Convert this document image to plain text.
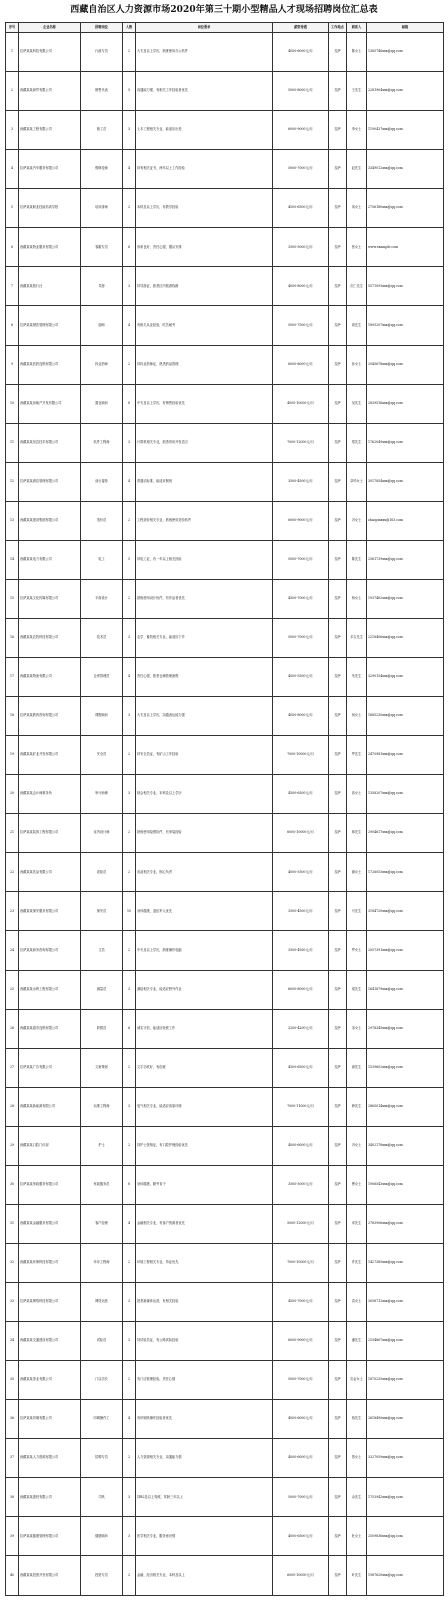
西藏自治区人力资源市场2020年第三十期小型精品人才现场招聘岗位汇总表
序号	企业名称	招聘岗位	人数	岗位要求	薪资待遇	工作地点	联系人	邮箱
1	拉萨某某科技有限公司	行政专员	2	大专及以上学历，熟练使用办公软件	4000-6000元/月	拉萨	陈女士	1385746xxx@qq.com
2	西藏某某商贸有限公司	销售代表	5	沟通能力强，有相关工作经验者优先	5000-8000元/月	拉萨	王先生	2281904xxx@qq.com
3	西藏某某工程有限公司	施工员	3	土木工程相关专业，能适应出差	6000-9000元/月	拉萨	李女士	1190437xxx@qq.com
4	拉萨某某汽车服务有限公司	维修技师	4	持有相关证书，两年以上工作经验	5000-7000元/月	拉萨	赵先生	3349012xxx@qq.com
5	拉萨某某职业技能培训学校	培训讲师	2	本科及以上学历，有教学经验	4500-6500元/月	拉萨	刘女士	2756180xxx@qq.com
6	西藏某某物业服务有限公司	客服专员	6	形象良好，责任心强，服从安排	3500-5000元/月	拉萨	张女士	www.example.com
7	西藏某某旅行社	导游	3	持导游证，熟悉区内旅游线路	4000-8000元/月	拉萨	次仁先生	5571093xxx@qq.com
8	拉萨某某餐饮管理有限公司	厨师	4	有相关从业经验，吃苦耐劳	5000-7500元/月	拉萨	周先生	1893207xxx@qq.com
9	西藏某某医药连锁有限公司	执业药师	2	持执业药师证，熟悉药品管理	6000-8000元/月	拉萨	孙女士	2045678xxx@qq.com
10	西藏某某房地产开发有限公司	置业顾问	8	中专及以上学历，有销售经验优先	4000-10000元/月	拉萨	吴先生	2839516xxx@qq.com
11	西藏某某信息技术有限公司	软件工程师	3	计算机相关专业，熟悉常用开发语言	7000-12000元/月	拉萨	郑先生	1762049xxx@qq.com
12	拉萨某某酒店管理有限公司	前台接待	4	普通话标准，能适应倒班	3500-4500元/月	拉萨	卓玛女士	3017854xxx@qq.com
13	西藏某某建设集团有限公司	造价员	2	工程造价相关专业，熟练使用造价软件	6000-9000元/月	拉萨	冯女士	zhaopinxxx@163.com
14	西藏某某电力有限公司	电工	5	持电工证，有一年以上相关经验	5000-7000元/月	拉萨	陈先生	2561739xxx@qq.com
15	拉萨某某文化传媒有限公司	平面设计	2	熟练使用设计软件，有作品者优先	4500-7000元/月	拉萨	杨女士	1937462xxx@qq.com
16	西藏某某农牧科技有限公司	技术员	3	农学、畜牧相关专业，能适应下乡	5000-7000元/月	拉萨	多吉先生	2218406xxx@qq.com
17	西藏某某物流有限公司	仓库管理员	4	责任心强，熟悉仓储管理流程	4000-5500元/月	拉萨	朱先生	3290154xxx@qq.com
18	拉萨某某教育咨询有限公司	课程顾问	3	大专及以上学历，沟通表达能力强	4000-8000元/月	拉萨	何女士	1685230xxx@qq.com
19	西藏某某矿业开发有限公司	安全员	2	持安全员证，有矿山工作经验	7000-10000元/月	拉萨	罗先生	2470981xxx@qq.com
20	西藏某某会计师事务所	审计助理	3	财会相关专业，本科及以上学历	4500-6500元/月	拉萨	高女士	1358207xxx@qq.com
21	拉萨某某装饰工程有限公司	室内设计师	2	熟练使用绘图软件，有家装经验	6000-10000元/月	拉萨	林先生	2904617xxx@qq.com
22	西藏某某饮品有限公司	质检员	2	食品相关专业，细心负责	4000-5500元/月	拉萨	谢女士	1726053xxx@qq.com
23	西藏某某保安服务有限公司	保安员	10	身体健康，退伍军人优先	3500-4500元/月	拉萨	马先生	3184720xxx@qq.com
24	拉萨某某商务咨询有限公司	文员	2	中专及以上学历，熟练操作电脑	3500-4500元/月	拉萨	罗女士	2057391xxx@qq.com
25	西藏某某水利工程有限公司	测量员	3	测绘相关专业，能适应野外作业	6000-8000元/月	拉萨	梁先生	1641879xxx@qq.com
26	西藏某某超市连锁有限公司	收银员	6	诚实守信，能适应轮班工作	3200-4200元/月	拉萨	宋女士	2978345xxx@qq.com
27	拉萨某某广告有限公司	文案策划	2	文字功底好，有创意	4500-6500元/月	拉萨	唐先生	1539602xxx@qq.com
28	西藏某某新能源有限公司	运维工程师	3	电气相关专业，能适应高原环境	7000-11000元/月	拉萨	韩先生	2865014xxx@qq.com
29	西藏某某口腔门诊部	护士	2	持护士资格证，有口腔护理经验优先	4000-6000元/月	拉萨	冯女士	3402178xxx@qq.com
30	拉萨某某家政服务有限公司	家政服务员	8	身体健康，勤劳肯干	3500-5000元/月	拉萨	曹女士	1906543xxx@qq.com
31	西藏某某金融服务有限公司	客户经理	4	金融相关专业，有客户资源者优先	5000-12000元/月	拉萨	邓先生	2783906xxx@qq.com
32	西藏某某环保科技有限公司	环评工程师	2	环境工程相关专业，持证优先	7000-10000元/月	拉萨	许先生	1427385xxx@qq.com
33	拉萨某某网络科技有限公司	网络运营	3	熟悉新媒体运营，有相关经验	4500-7000元/月	拉萨	袁女士	3056712xxx@qq.com
34	西藏某某交通建设有限公司	试验员	3	持试验员证，有公路试验经验	6000-9000元/月	拉萨	潘先生	2194867xxx@qq.com
35	西藏某某茶业有限公司	门店店长	2	有门店管理经验，责任心强	5000-7000元/月	拉萨	央金女士	1870235xxx@qq.com
36	拉萨某某印刷有限公司	印刷操作工	4	有印刷机操作经验者优先	4000-6000元/月	拉萨	蒋先生	2618490xxx@qq.com
37	西藏某某人力资源有限公司	招聘专员	2	人力资源相关专业，沟通能力强	4000-6000元/月	拉萨	蔡女士	3327059xxx@qq.com
38	西藏某某建材有限公司	司机	3	持B2及以上驾照，驾龄三年以上	5000-7000元/月	拉萨	余先生	1753942xxx@qq.com
39	拉萨某某健康管理有限公司	健康顾问	3	医学相关专业，服务意识强	4000-6500元/月	拉萨	杜女士	2509836xxx@qq.com
40	西藏某某投资开发有限公司	投资专员	2	金融、经济相关专业，本科及以上	6000-10000元/月	拉萨	叶先生	1987620xxx@qq.com
